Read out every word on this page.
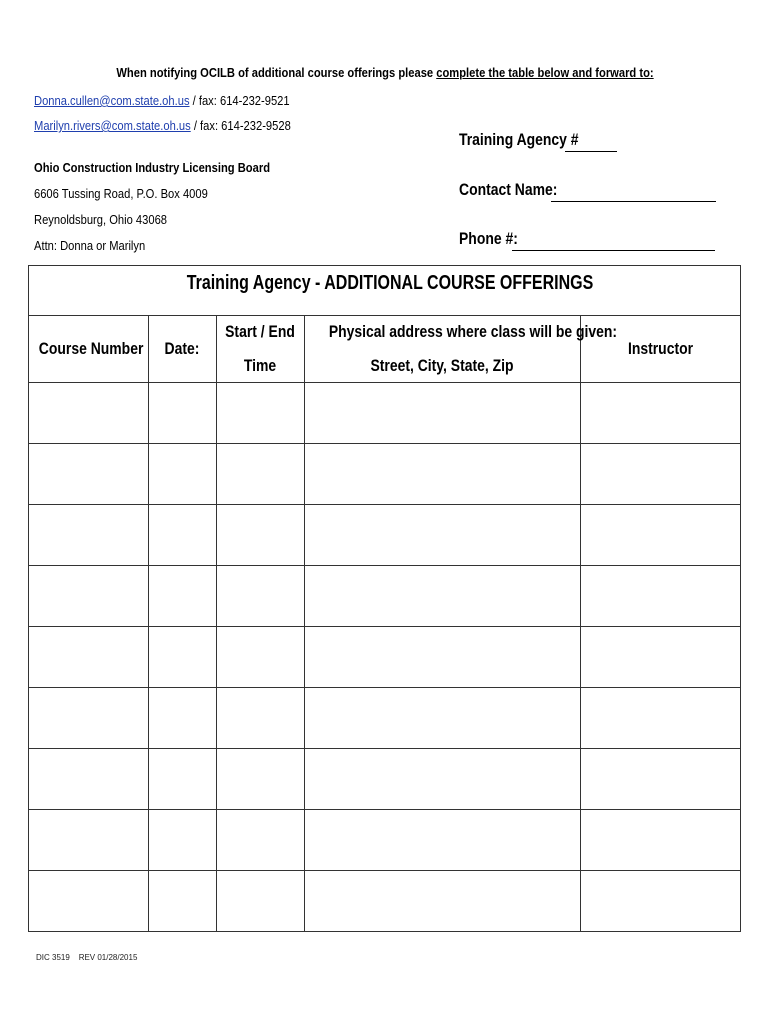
When notifying OCILB of additional course offerings please complete the table below and forward to:
Donna.cullen@com.state.oh.us / fax: 614-232-9521
Marilyn.rivers@com.state.oh.us / fax: 614-232-9528
Ohio Construction Industry Licensing Board
6606 Tussing Road, P.O. Box 4009
Reynoldsburg, Ohio 43068
Attn: Donna or Marilyn
Training Agency #
Contact Name:
Phone #:
Training Agency - ADDITIONAL COURSE OFFERINGS
Course Number	Date:
Start / End
Time
Physical address where class will be given:
Street, City, State, Zip
Instructor
DIC 3519 REV 01/28/2015
